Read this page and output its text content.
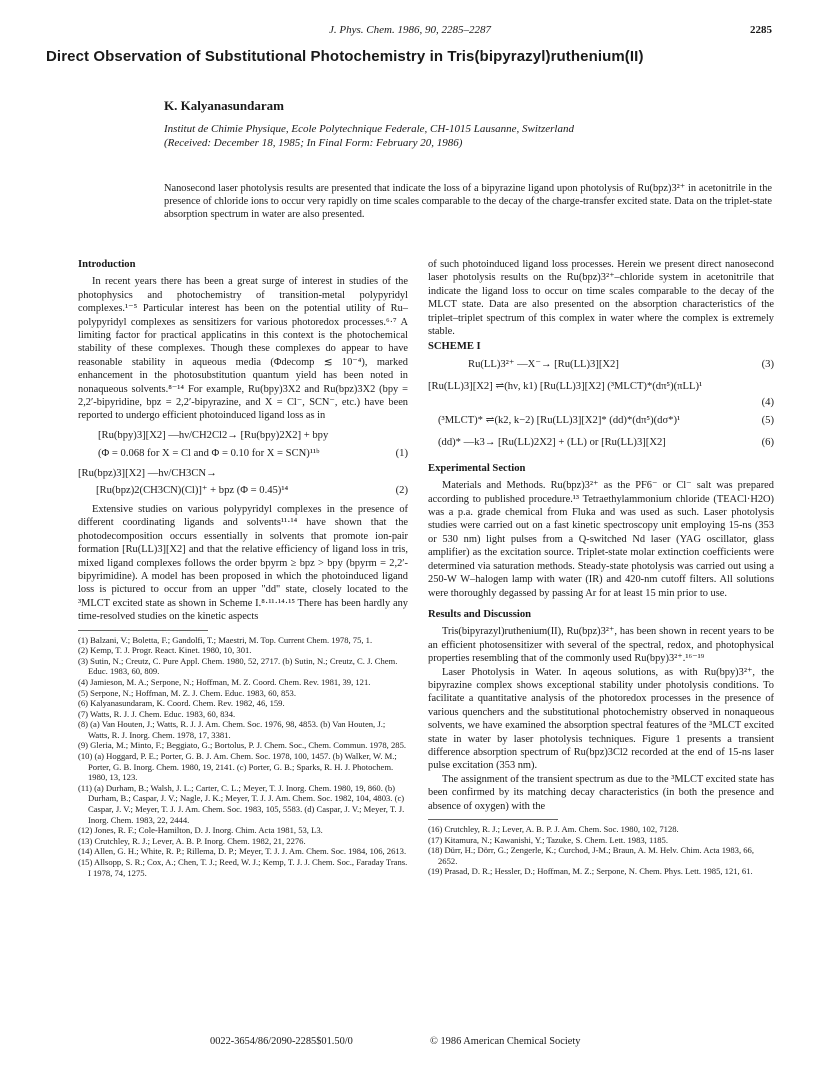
J. Phys. Chem. 1986, 90, 2285–2287	2285
Direct Observation of Substitutional Photochemistry in Tris(bipyrazyl)ruthenium(II)
K. Kalyanasundaram
Institut de Chimie Physique, Ecole Polytechnique Federale, CH-1015 Lausanne, Switzerland
(Received: December 18, 1985; In Final Form: February 20, 1986)
Nanosecond laser photolysis results are presented that indicate the loss of a bipyrazine ligand upon photolysis of Ru(bpz)3²⁺ in acetonitrile in the presence of chloride ions to occur very rapidly on time scales comparable to the decay of the charge-transfer excited state. Data on the triplet-state absorption spectrum in water are also presented.
Introduction

In recent years there has been a great surge of interest in studies of the photophysics and photochemistry of transition-metal polypyridyl complexes.¹⁻⁵ Particular interest has been on the potential utility of Ru–polypyridyl complexes as sensitizers for various photoredox processes.⁶·⁷ A limiting factor for practical applicatins in this context is the photochemical stability of these complexes. Though these complexes do appear to have reasonable stability in aqueous media (Φdecomp ≲ 10⁻⁴), marked enhancement in the photosubstitution quantum yield has been noted in nonaqueous solvents.⁸⁻¹⁴ For example, Ru(bpy)3X2 and Ru(bpz)3X2 (bpy = 2,2′-bipyridine, bpz = 2,2′-bipyrazine, and X = Cl⁻, SCN⁻, etc.) have been reported to undergo efficient photoinduced ligand loss as in

[Ru(bpy)3][X2] —hν/CH2Cl2→ [Ru(bpy)2X2] + bpy
(1)
(Φ = 0.068 for X = Cl and Φ = 0.10 for X = SCN)¹¹ᵇ
[Ru(bpz)3][X2] —hν/CH3CN→
[Ru(bpz)2(CH3CN)(Cl)]⁺ + bpz (Φ = 0.45)¹⁴	(2)

Extensive studies on various polypyridyl complexes in the presence of different coordinating ligands and solvents¹¹·¹⁴ have shown that the photodecomposition occurs essentially in solvents that promote ion-pair formation [Ru(LL)3][X2] and that the relative efficiency of ligand loss in tris, mixed ligand complexes follows the order bpyrm ≥ bpz > bpy (bpyrm = 2,2′-bipyrimidine). A model has been proposed in which the photoinduced ligand loss is pictured to occur from an upper "dd" state, closely located to the ³MLCT excited state as shown in Scheme I.⁸·¹¹·¹⁴·¹⁵ There has been hardly any time-resolved studies on the kinetic aspects

(1) Balzani, V.; Boletta, F.; Gandolfi, T.; Maestri, M. Top. Current Chem. 1978, 75, 1.
(2) Kemp, T. J. Progr. React. Kinet. 1980, 10, 301.
(3) Sutin, N.; Creutz, C. Pure Appl. Chem. 1980, 52, 2717. (b) Sutin, N.; Creutz, C. J. Chem. Educ. 1983, 60, 809.
(4) Jamieson, M. A.; Serpone, N.; Hoffman, M. Z. Coord. Chem. Rev. 1981, 39, 121.
(5) Serpone, N.; Hoffman, M. Z. J. Chem. Educ. 1983, 60, 853.
(6) Kalyanasundaram, K. Coord. Chem. Rev. 1982, 46, 159.
(7) Watts, R. J. J. Chem. Educ. 1983, 60, 834.
(8) (a) Van Houten, J.; Watts, R. J. J. Am. Chem. Soc. 1976, 98, 4853. (b) Van Houten, J.; Watts, R. J. Inorg. Chem. 1978, 17, 3381.
(9) Gleria, M.; Minto, F.; Beggiato, G.; Bortolus, P. J. Chem. Soc., Chem. Commun. 1978, 285.
(10) (a) Hoggard, P. E.; Porter, G. B. J. Am. Chem. Soc. 1978, 100, 1457. (b) Walker, W. M.; Porter, G. B. Inorg. Chem. 1980, 19, 2141. (c) Porter, G. B.; Sparks, R. H. J. Photochem. 1980, 13, 123.
(11) (a) Durham, B.; Walsh, J. L.; Carter, C. L.; Meyer, T. J. Inorg. Chem. 1980, 19, 860. (b) Durham, B.; Caspar, J. V.; Nagle, J. K.; Meyer, T. J. J. Am. Chem. Soc. 1982, 104, 4803. (c) Caspar, J. V.; Meyer, T. J. J. Am. Chem. Soc. 1983, 105, 5583. (d) Caspar, J. V.; Meyer, T. J. Inorg. Chem. 1983, 22, 2444.
(12) Jones, R. F.; Cole-Hamilton, D. J. Inorg. Chim. Acta 1981, 53, L3.
(13) Crutchley, R. J.; Lever, A. B. P. Inorg. Chem. 1982, 21, 2276.
(14) Allen, G. H.; White, R. P.; Rillema, D. P.; Meyer, T. J. J. Am. Chem. Soc. 1984, 106, 2613.
(15) Allsopp, S. R.; Cox, A.; Chen, T. J.; Reed, W. J.; Kemp, T. J. J. Chem. Soc., Faraday Trans. I 1978, 74, 1275.

of such photoinduced ligand loss processes. Herein we present direct nanosecond laser photolysis results on the Ru(bpz)3²⁺–chloride system in acetonitrile that indicate the ligand loss to occur on time scales comparable to the decay of the MLCT state. Data are also presented on the absorption characteristics of the triplet–triplet spectrum of this complex in water where the complex is extremely stable.

SCHEME I
Ru(LL)3²⁺ —X⁻→ [Ru(LL)3][X2]	(3)
[Ru(LL)3][X2] ⇌(hν, k1) [Ru(LL)3][X2] (³MLCT)*(dπ⁵)(πLL)¹
(4)
(³MLCT)* ⇌(k2, k−2) [Ru(LL)3][X2]* (dd)*(dπ⁵)(dσ*)¹	(5)
(dd)* —k3→ [Ru(LL)2X2] + (LL) or [Ru(LL)3][X2]	(6)
Experimental Section

Materials and Methods. Ru(bpz)3²⁺ as the PF6⁻ or Cl⁻ salt was prepared according to published procedure.¹³ Tetraethylammonium chloride (TEACl·H2O) was a p.a. grade chemical from Fluka and was used as such. Laser photolysis studies were carried out on a fast kinetic spectroscopy unit employing 15-ns (353 or 530 nm) light pulses from a Q-switched Nd laser (YAG oscillator, glass amplifier) as the excitation source. Triplet-state molar extinction coefficients were determined via saturation methods. Steady-state photolysis was carried out using a 250-W W–halogen lamp with water (IR) and 420-nm cutoff filters. All solutions were thoroughly degassed by passing Ar for at least 15 min prior to use.

Results and Discussion

Tris(bipyrazyl)ruthenium(II), Ru(bpz)3²⁺, has been shown in recent years to be an efficient photosensitizer with several of the spectral, redox, and photophysical properties resembling that of the commonly used Ru(bpy)3²⁺.¹⁶⁻¹⁹

Laser Photolysis in Water. In aqeous solutions, as with Ru(bpy)3²⁺, the bipyrazine complex shows exceptional stability under photolysis conditions. To facilitate a quantitative analysis of the photoredox processes in the presence of various quenchers and the substitutional photochemistry observed in nonaqueous solvents, we have examined the absorption spectral features of the ³MLCT excited state in water by laser photolysis techniques. Figure 1 presents a transient difference absorption spectrum of Ru(bpz)3Cl2 recorded at the end of 15-ns laser pulse excitation (353 nm).

The assignment of the transient spectrum as due to the ³MLCT excited state has been confirmed by its matching decay characteristics (in both the presence and absence of oxygen) with the

(16) Crutchley, R. J.; Lever, A. B. P. J. Am. Chem. Soc. 1980, 102, 7128.
(17) Kitamura, N.; Kawanishi, Y.; Tazuke, S. Chem. Lett. 1983, 1185.
(18) Dürr, H.; Dörr, G.; Zengerle, K.; Curchod, J-M.; Braun, A. M. Helv. Chim. Acta 1983, 66, 2652.
(19) Prasad, D. R.; Hessler, D.; Hoffman, M. Z.; Serpone, N. Chem. Phys. Lett. 1985, 121, 61.
0022-3654/86/2090-2285$01.50/0	© 1986 American Chemical Society
